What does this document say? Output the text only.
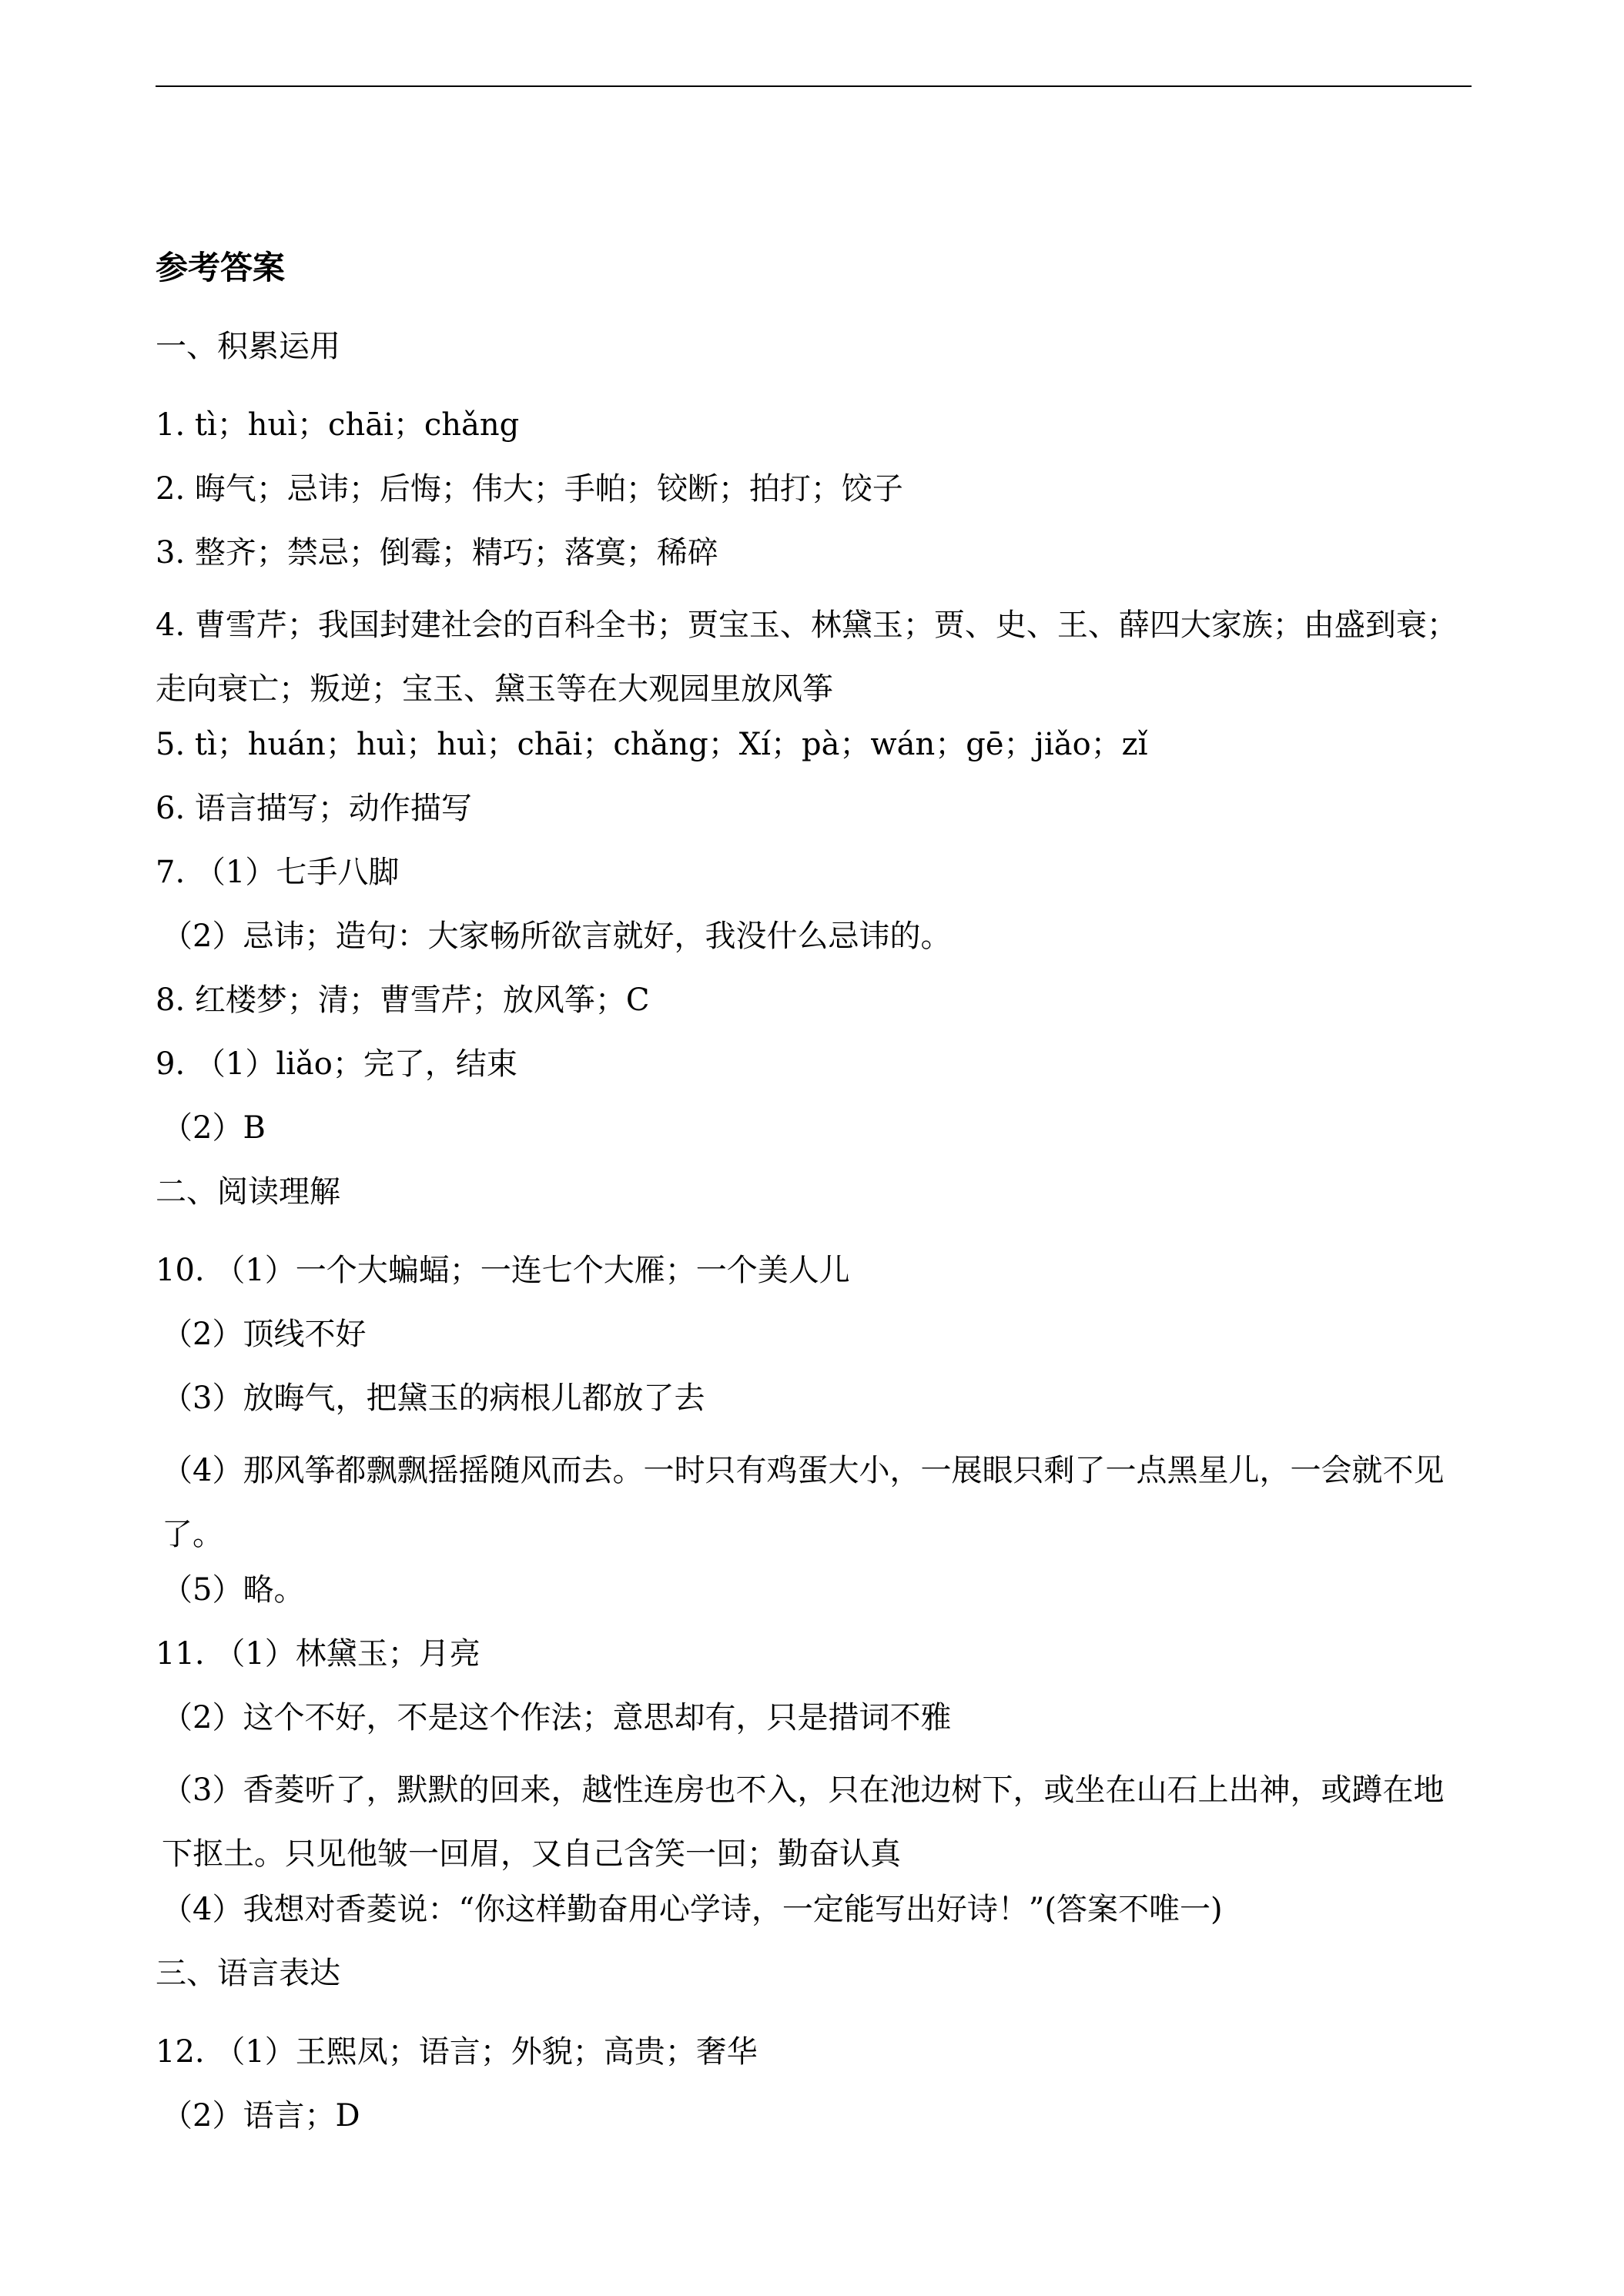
参考答案
一、积累运用
1. tì；huì；chāi；chǎng
2. 晦气；忌讳；后悔；伟大；手帕；铰断；拍打；饺子
3. 整齐；禁忌；倒霉；精巧；落寞；稀碎
4. 曹雪芹；我国封建社会的百科全书；贾宝玉、林黛玉；贾、史、王、薛四大家族；由盛到衰；走向衰亡；叛逆；宝玉、黛玉等在大观园里放风筝
5. tì；huán；huì；huì；chāi；chǎng；Xí；pà；wán；gē；jiǎo；zǐ
6. 语言描写；动作描写
7. （1）七手八脚
（2）忌讳；造句：大家畅所欲言就好，我没什么忌讳的。
8. 红楼梦；清；曹雪芹；放风筝；C
9. （1）liǎo；完了，结束
（2）B
二、阅读理解
10. （1）一个大蝙蝠；一连七个大雁；一个美人儿
（2）顶线不好
（3）放晦气，把黛玉的病根儿都放了去
（4）那风筝都飘飘摇摇随风而去。一时只有鸡蛋大小，一展眼只剩了一点黑星儿，一会就不见了。
（5）略。
11. （1）林黛玉；月亮
（2）这个不好，不是这个作法；意思却有，只是措词不雅
（3）香菱听了，默默的回来，越性连房也不入，只在池边树下，或坐在山石上出神，或蹲在地下抠土。只见他皱一回眉，又自己含笑一回；勤奋认真
（4）我想对香菱说：“你这样勤奋用心学诗，一定能写出好诗！”(答案不唯一)
三、语言表达
12. （1）王熙凤；语言；外貌；高贵；奢华
（2）语言；D
